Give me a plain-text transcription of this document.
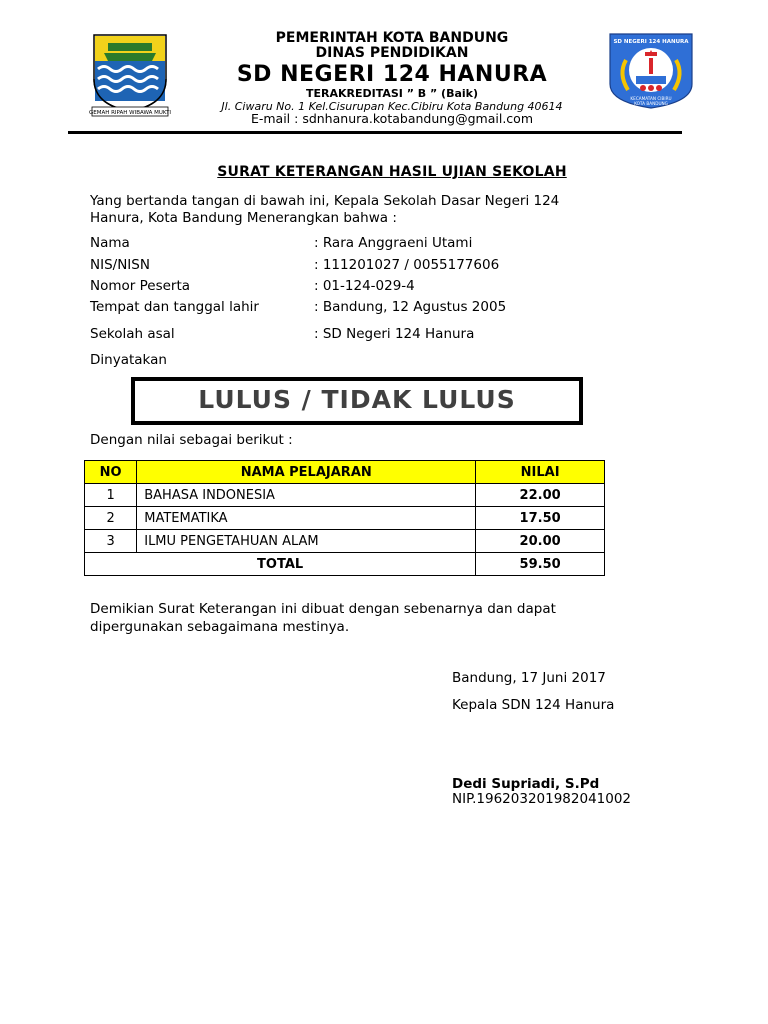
GEMAH RIPAH WIBAWA MUKTI
SD NEGERI 124 HANURA
KECAMATAN CIBIRU
KOTA BANDUNG
PEMERINTAH KOTA BANDUNG
DINAS PENDIDIKAN
SD NEGERI 124 HANURA
TERAKREDITASI ” B ” (Baik)
Jl. Ciwaru No. 1 Kel.Cisurupan Kec.Cibiru Kota Bandung 40614
E-mail : sdnhanura.kotabandung@gmail.com
SURAT KETERANGAN HASIL UJIAN SEKOLAH
Yang bertanda tangan di bawah ini, Kepala Sekolah Dasar Negeri 124
Hanura, Kota Bandung Menerangkan bahwa :
Nama	: Rara Anggraeni Utami
NIS/NISN	: 111201027 / 0055177606
Nomor Peserta	: 01-124-029-4
Tempat dan tanggal lahir	: Bandung, 12 Agustus 2005
Sekolah asal	: SD Negeri 124 Hanura
Dinyatakan
LULUS / TIDAK LULUS
Dengan nilai sebagai berikut :
NO	NAMA PELAJARAN	NILAI
1	BAHASA INDONESIA	22.00
2	MATEMATIKA	17.50
3	ILMU PENGETAHUAN ALAM	20.00
TOTAL		59.50
Demikian Surat Keterangan ini dibuat dengan sebenarnya dan dapat
dipergunakan sebagaimana mestinya.
Bandung, 17 Juni 2017
Kepala SDN 124 Hanura
Dedi Supriadi, S.Pd
NIP.196203201982041002
